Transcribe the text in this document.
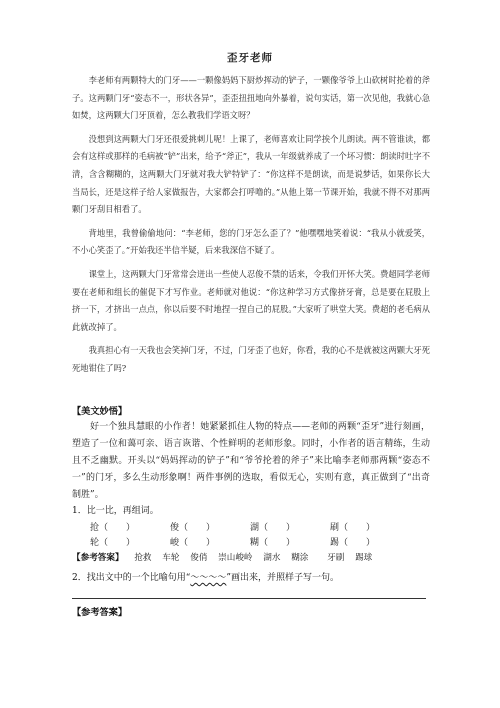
歪牙老师

李老师有两颗特大的门牙——一颗像妈妈下厨炒挥动的铲子，一颗像爷爷上山砍树时抡着的斧子。这两颗门牙“姿态不一，形状各异”，歪歪扭扭地向外暴着，说句实话，第一次见他，我就心急如焚，这两颗大门牙顶着，怎么教我们学语文呀？

没想到这两颗大门牙还很爱挑刺儿呢！上课了，老师喜欢让同学挨个儿朗读。两不管谁读，都会有这样或那样的毛病被“铲”出来，给予“斧正”，我从一年级就养成了一个坏习惯：朗读时吐字不清，含含糊糊的，这两颗大门牙就对我大铲特铲了：“你这样不是朗读，而是说梦话，如果你长大当局长，还是这样子给人家做报告，大家都会打呼噜的。”从他上第一节课开始，我就不得不对那两颗门牙刮目相看了。

背地里，我曾偷偷地问：“李老师，您的门牙怎么歪了？”他嘿嘿地笑着说：“我从小就爱笑，不小心笑歪了。”开始我还半信半疑，后来我深信不疑了。

课堂上，这两颗大门牙常常会迸出一些使人忍俊不禁的话来，令我们开怀大笑。费超同学老师要在老师和组长的催促下才写作业。老师就对他说：“你这种学习方式像挤牙膏，总是要在屁股上挤一下，才挤出一点点，你以后要不时地捏一捏自己的屁股。”大家听了哄堂大笑。费超的老毛病从此就改掉了。

我真担心有一天我也会笑掉门牙，不过，门牙歪了也好，你看，我的心不是就被这两颗大牙死死地钳住了吗?

【美文妙悟】

好一个独具慧眼的小作者！她紧紧抓住人物的特点——老师的两颗“歪牙”进行刻画，塑造了一位和蔼可亲、语言诙谐、个性鲜明的老师形象。同时，小作者的语言精练，生动且不乏幽默。开头以“妈妈挥动的铲子”和“爷爷抡着的斧子”来比喻李老师那两颗“姿态不一”的门牙，多么生动形象啊！两件事例的选取，看似无心，实则有意，真正做到了“出奇制胜”。

1．比一比，再组词。
抢（　　）	俊（　　）	湖（　　）	刷（　　）
轮（　　）	峻（　　）	糊（　　）	踢（　　）
【参考答案】 抢救 车轮 俊俏 崇山峻岭 湖水 糊涂 牙刷 踢球
2．找出文中的一个比喻句用“～～～～”画出来，并照样子写一句。
【参考答案】
